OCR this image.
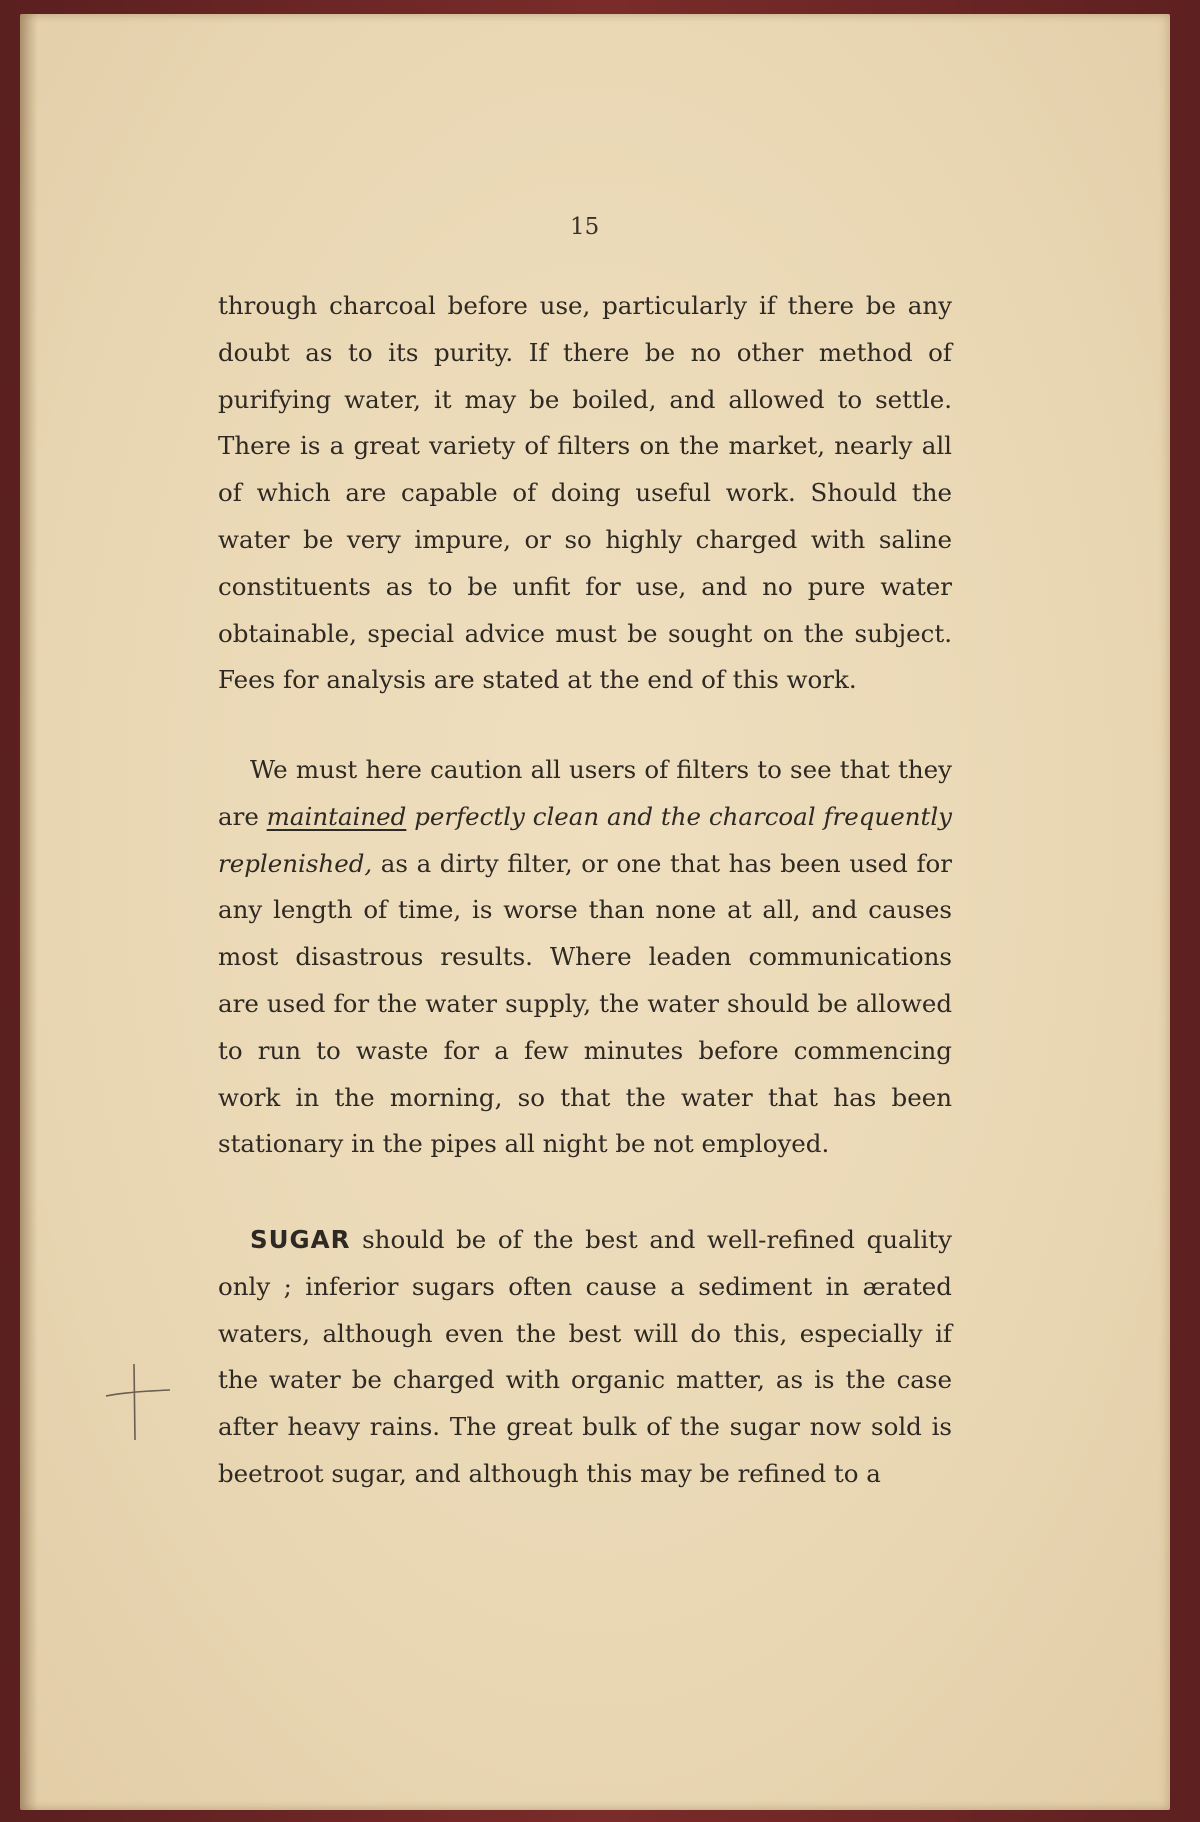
15
through charcoal before use, particularly if there be any doubt as to its purity. If there be no other method of purifying water, it may be boiled, and allowed to settle. There is a great variety of filters on the market, nearly all of which are capable of doing useful work. Should the water be very impure, or so highly charged with saline constituents as to be unfit for use, and no pure water obtainable, special advice must be sought on the subject. Fees for analysis are stated at the end of this work.
We must here caution all users of filters to see that they are maintained perfectly clean and the charcoal frequently replenished, as a dirty filter, or one that has been used for any length of time, is worse than none at all, and causes most disastrous results. Where leaden communications are used for the water supply, the water should be allowed to run to waste for a few minutes before commencing work in the morning, so that the water that has been stationary in the pipes all night be not employed.
SUGAR should be of the best and well-refined quality only ; inferior sugars often cause a sediment in ærated waters, although even the best will do this, especially if the water be charged with organic matter, as is the case after heavy rains. The great bulk of the sugar now sold is beetroot sugar, and although this may be refined to a
